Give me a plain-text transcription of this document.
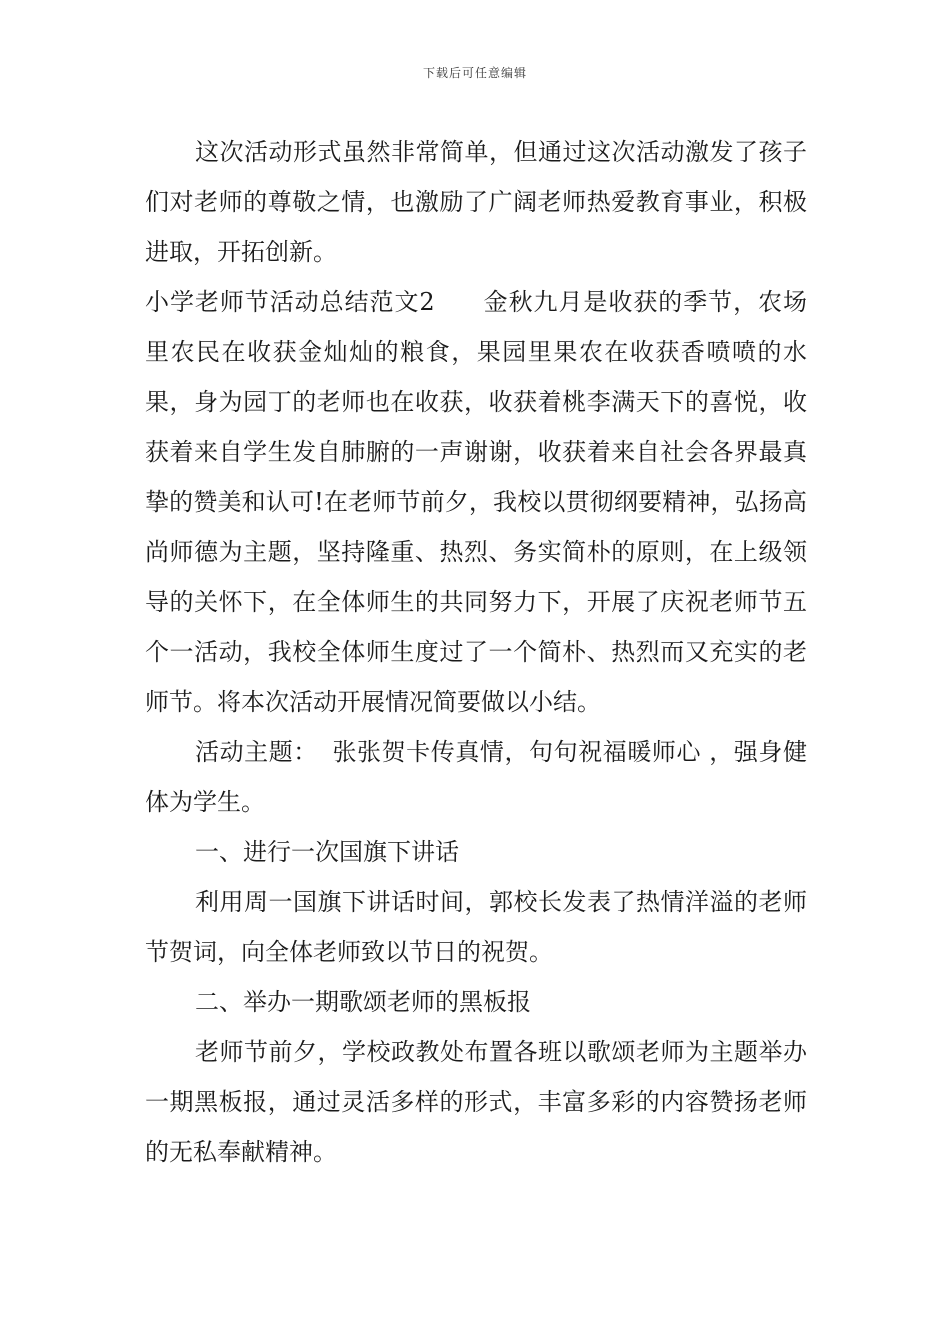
下载后可任意编辑

这次活动形式虽然非常简单，但通过这次活动激发了孩子们对老师的尊敬之情，也激励了广阔老师热爱教育事业，积极进取，开拓创新。

小学老师节活动总结范文2 金秋九月是收获的季节，农场里农民在收获金灿灿的粮食，果园里果农在收获香喷喷的水果，身为园丁的老师也在收获，收获着桃李满天下的喜悦，收获着来自学生发自肺腑的一声谢谢，收获着来自社会各界最真挚的赞美和认可!在老师节前夕，我校以贯彻纲要精神，弘扬高尚师德为主题，坚持隆重、热烈、务实简朴的原则，在上级领导的关怀下，在全体师生的共同努力下，开展了庆祝老师节五个一活动，我校全体师生度过了一个简朴、热烈而又充实的老师节。将本次活动开展情况简要做以小结。

活动主题： 张张贺卡传真情，句句祝福暖师心 ，强身健体为学生。

一、进行一次国旗下讲话

利用周一国旗下讲话时间，郭校长发表了热情洋溢的老师节贺词，向全体老师致以节日的祝贺。

二、举办一期歌颂老师的黑板报

老师节前夕，学校政教处布置各班以歌颂老师为主题举办一期黑板报，通过灵活多样的形式，丰富多彩的内容赞扬老师的无私奉献精神。
